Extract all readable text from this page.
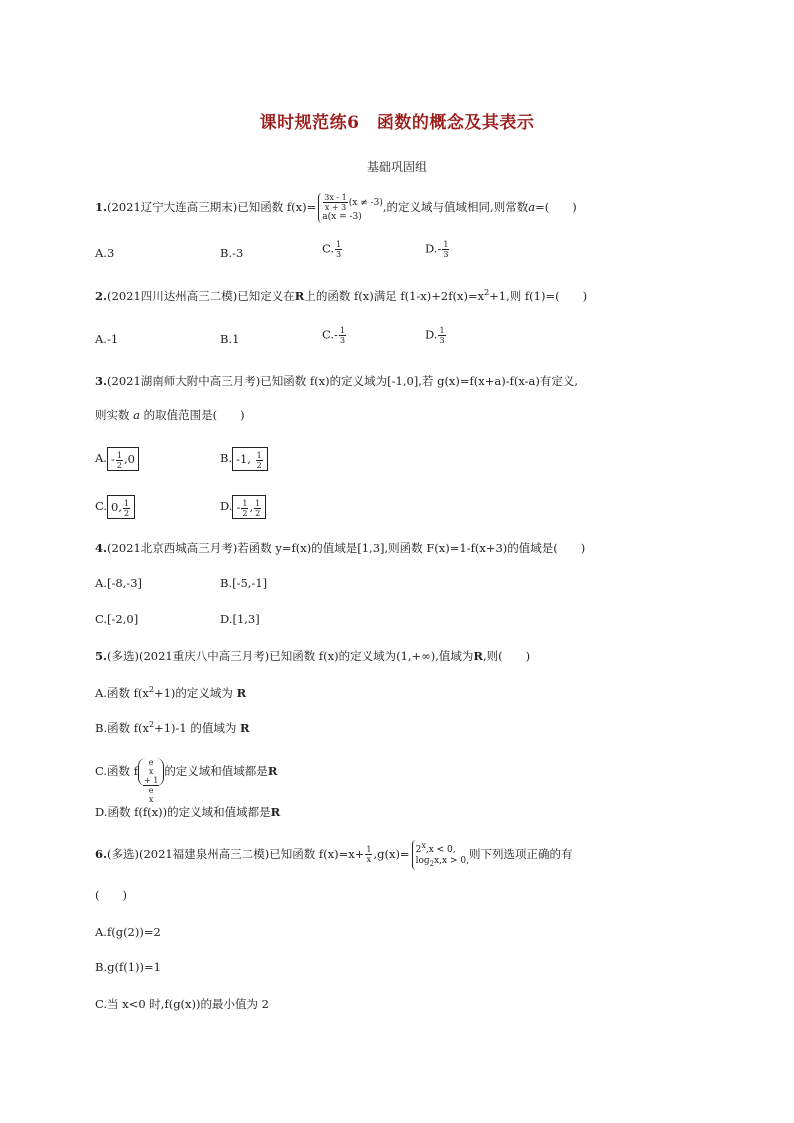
课时规范练6　函数的概念及其表示
基础巩固组
1.(2021辽宁大连高三期末)已知函数 $f(x)= \frac{3x - 1}{x + 3} (x \ne -3)$
a(x = -3),的定义域与值域相同,则常数a=(　　)
A.3	B.-3	C. $\frac{1}{3}$	$D.- \frac{1}{3}$
2.(2021四川达州高三二模)已知定义在R上的函数 f(x)满足 $f(1-x)+2f(x)=x^2+1$,则 f(1)=(　　)
A.-1	B.1	$C.- \frac{1}{3}$	D. $\frac{1}{3}$
3.(2021湖南师大附中高三月考)已知函数 f(x)的定义域为[-1,0],若 g(x)=f(x+a)-f(x-a)有定义,
则实数 a 的取值范围是(　　)
A. - $\frac{1}{2} ,0$	B. -1, $\frac{1}{2}$
C. 0, $\frac{1}{2}$	D. - $\frac{1}{2}$ , $\frac{1}{2}$
4.(2021北京西城高三月考)若函数 y=f(x)的值域是[1,3],则函数 F(x)=1-f(x+3)的值域是(　　)
A.[-8,-3]	B.[-5,-1]
C.[-2,0]	D.[1,3]
5.(多选)(2021重庆八中高三月考)已知函数 f(x)的定义域为(1,+∞),值域为R,则(　　)
A.函数 $f(x^2+1)$的定义域为 R
B.函数 $f(x^2+1)-1$ 的值域为 R
C.函数 f e
x
+ 1
e
x 的定义域和值域都是R
D.函数 f(f(x))的定义域和值域都是R
6.(多选)(2021福建泉州高三二模)已知函数 $f(x)=x+ \frac{1}{x} ,g(x)= 2x,x < 0$,
$\log_2x,x > 0$,则下列选项正确的有
(　　)
A.f(g(2))=2
B.g(f(1))=1
C.当 x<0 时,f(g(x))的最小值为 2
